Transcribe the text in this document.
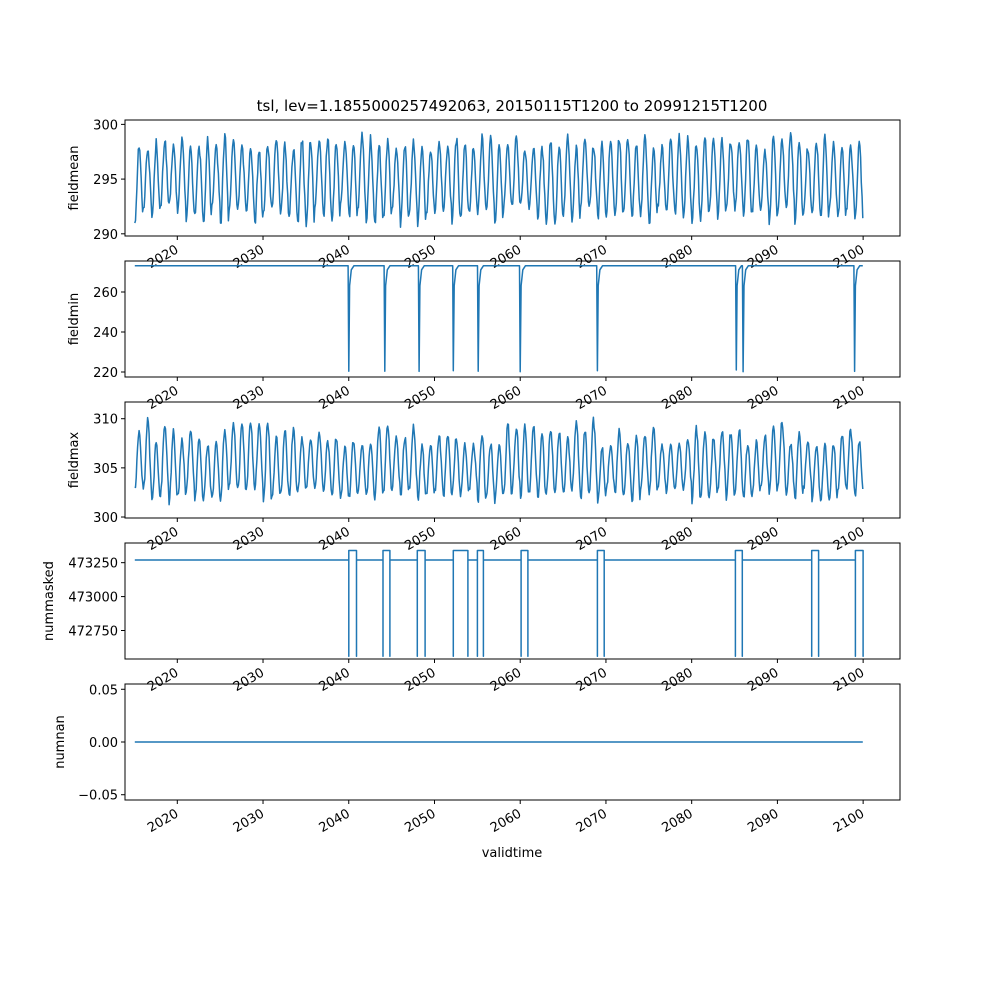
tsl, lev=1.1855000257492063, 20150115T1200 to 20991215T1200
290
295
300
fieldmean
2020	2030	2040	2050	2060	2070	2080	2090	2100
220
240
260
fieldmin
2020	2030	2040	2050	2060	2070	2080	2090	2100
300
305
310
fieldmax
2020	2030	2040	2050	2060	2070	2080	2090	2100
472750
473000
473250
nummasked
2020	2030	2040	2050	2060	2070	2080	2090	2100
−0.05
0.00
0.05
numnan
2020	2030	2040	2050	2060	2070	2080	2090	2100
validtime
